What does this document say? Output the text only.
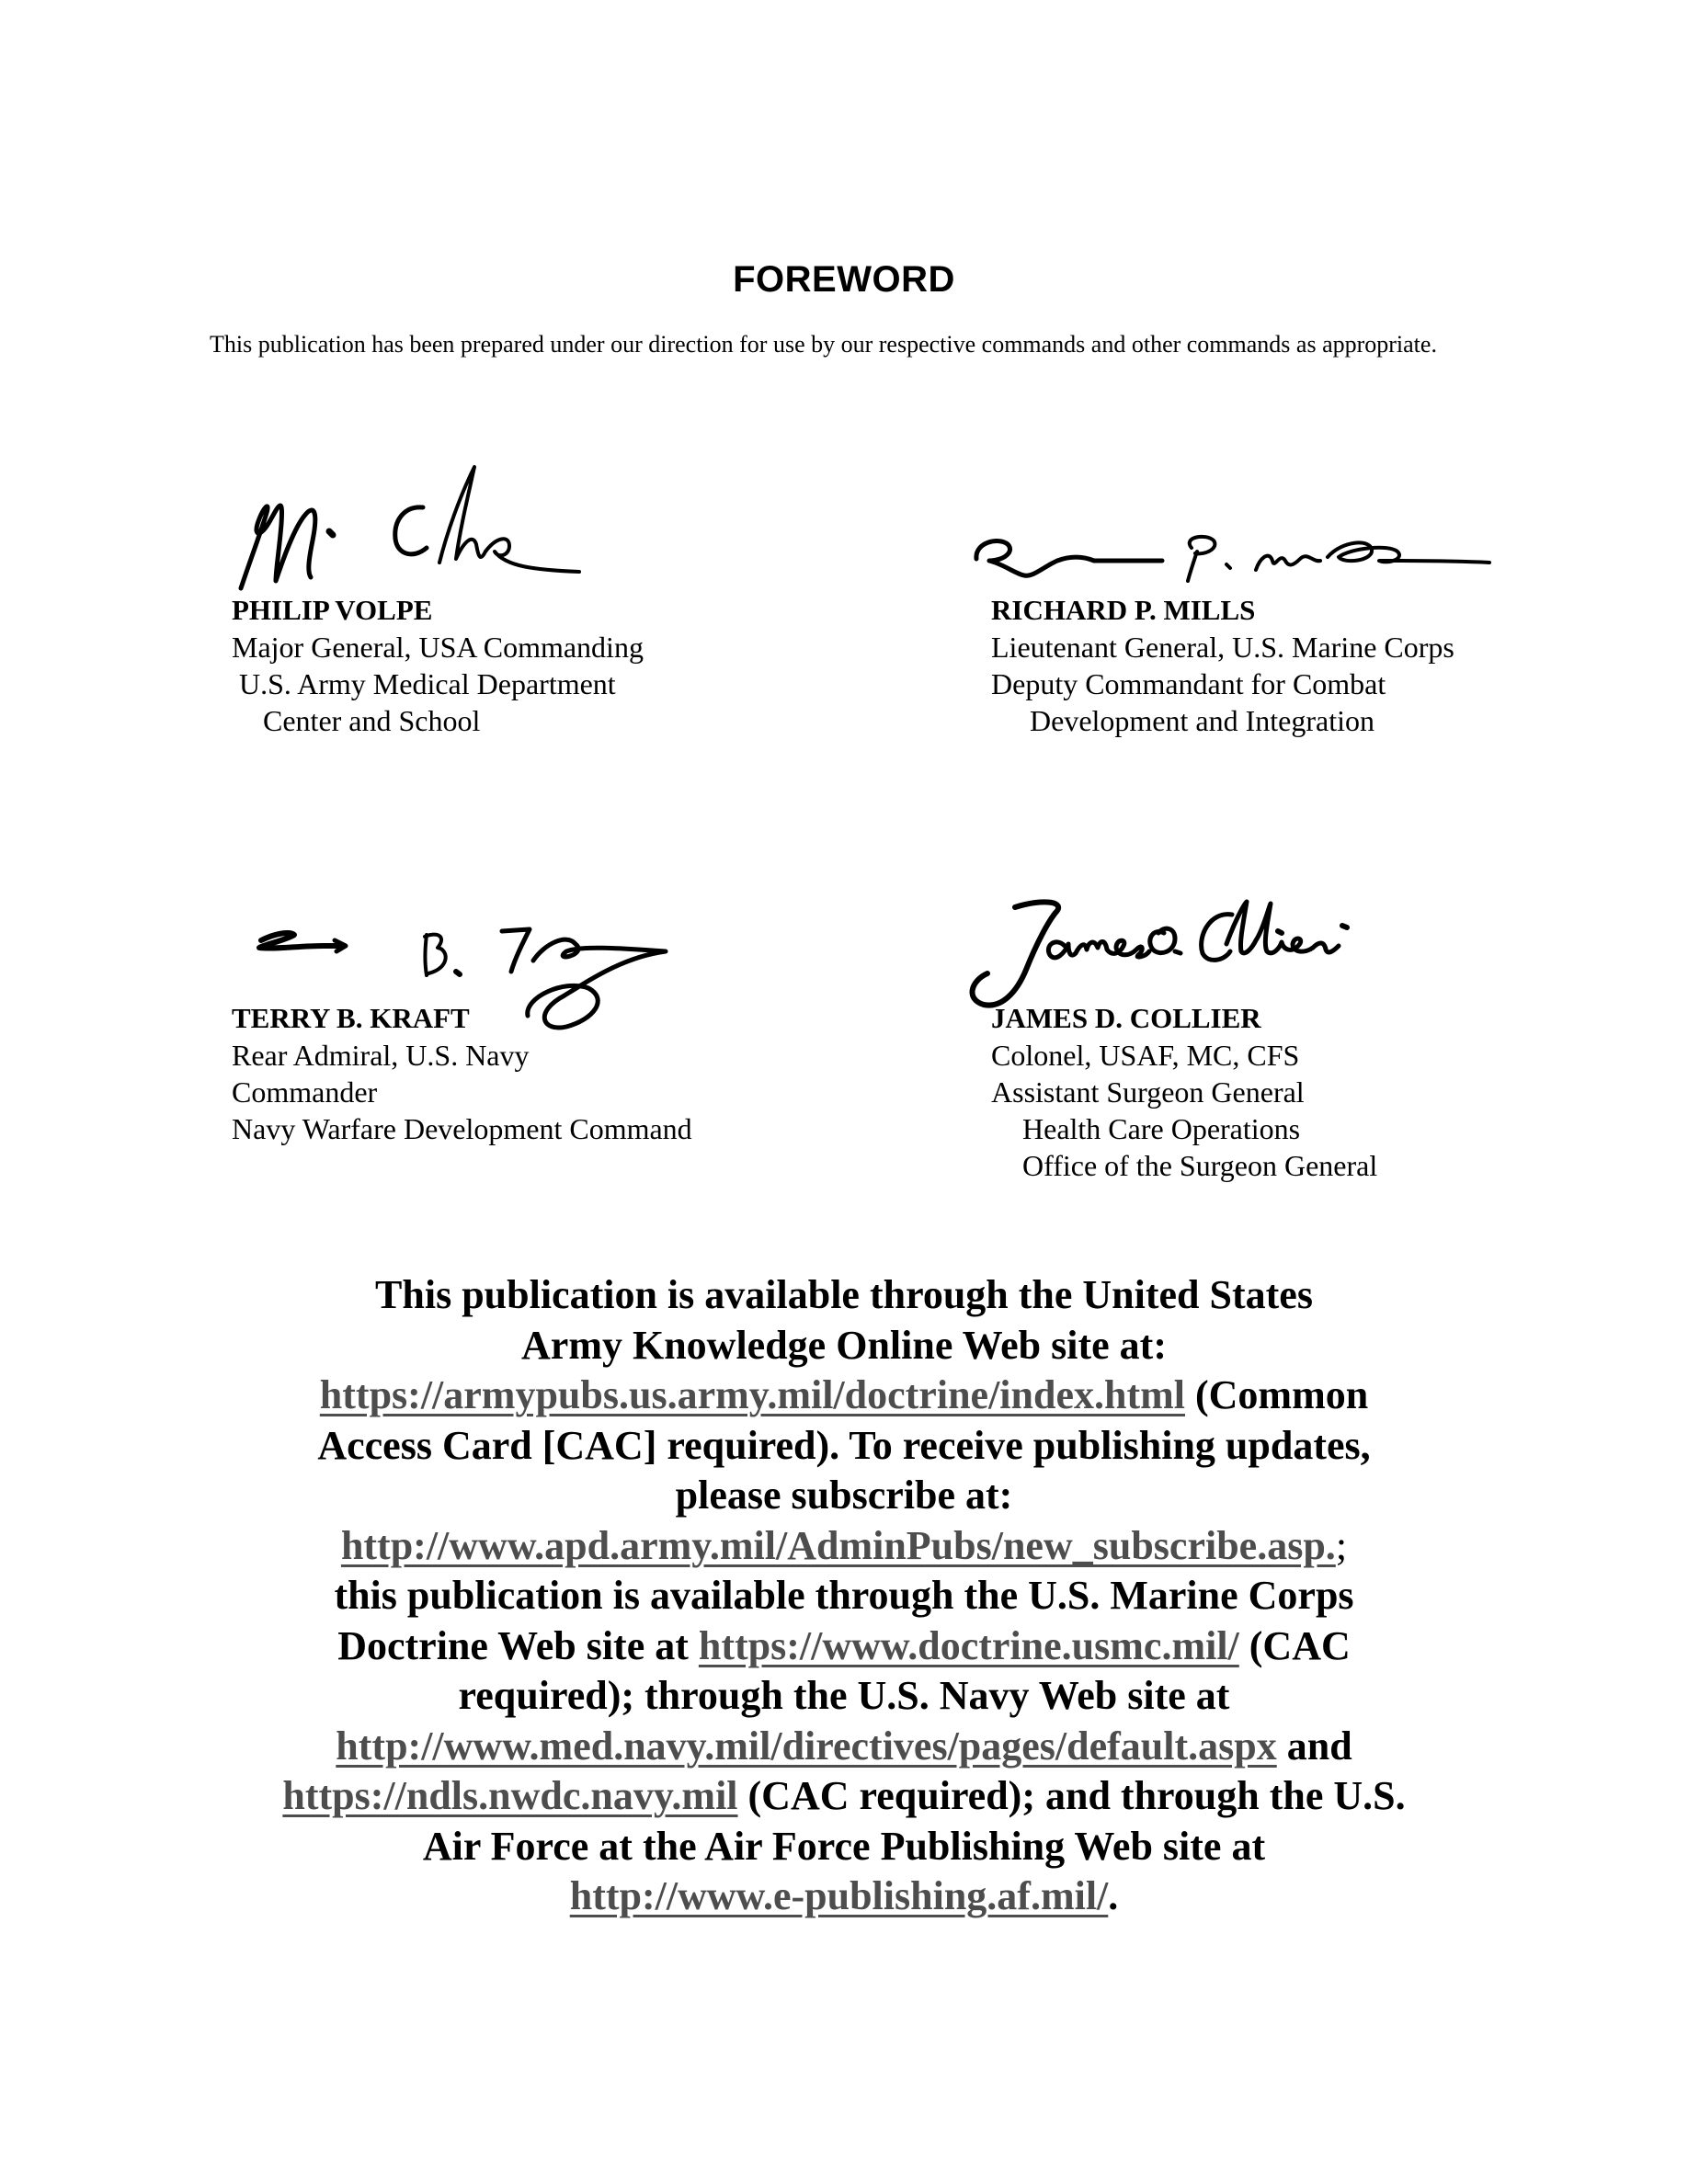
FOREWORD

This publication has been prepared under our direction for use by our respective commands and other commands as appropriate.

PHILIP VOLPE
Major General, USA Commanding
U.S. Army Medical Department
Center and School
RICHARD P. MILLS
Lieutenant General, U.S. Marine Corps
Deputy Commandant for Combat
Development and Integration
TERRY B. KRAFT
Rear Admiral, U.S. Navy
Commander
Navy Warfare Development Command
JAMES D. COLLIER
Colonel, USAF, MC, CFS
Assistant Surgeon General
Health Care Operations
Office of the Surgeon General
This publication is available through the United States
Army Knowledge Online Web site at:
https://armypubs.us.army.mil/doctrine/index.html (Common
Access Card [CAC] required). To receive publishing updates,
please subscribe at:
http://www.apd.army.mil/AdminPubs/new_subscribe.asp.;
this publication is available through the U.S. Marine Corps
Doctrine Web site at https://www.doctrine.usmc.mil/ (CAC
required); through the U.S. Navy Web site at
http://www.med.navy.mil/directives/pages/default.aspx and
https://ndls.nwdc.navy.mil (CAC required); and through the U.S.
Air Force at the Air Force Publishing Web site at
http://www.e-publishing.af.mil/.
